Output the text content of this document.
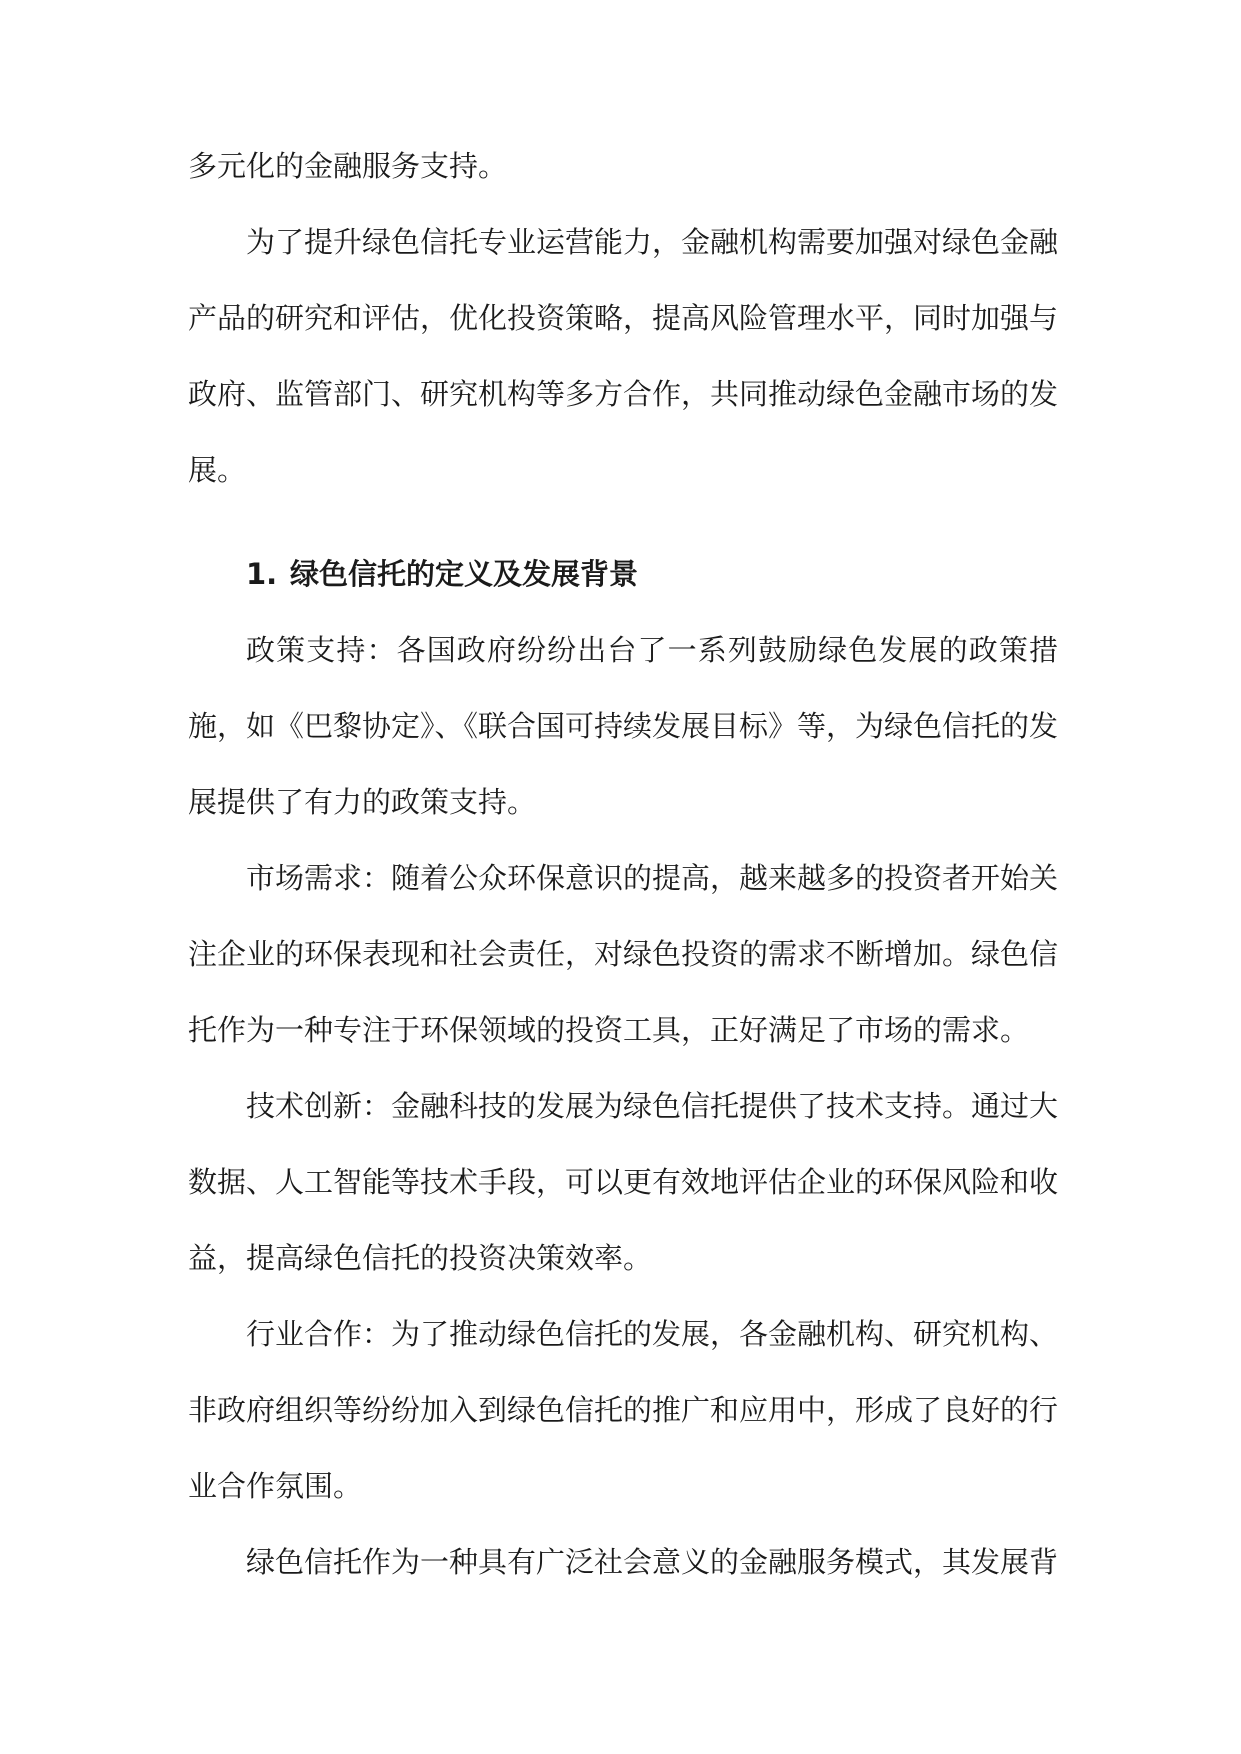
多元化的金融服务支持。

为了提升绿色信托专业运营能力，金融机构需要加强对绿色金融产品的研究和评估，优化投资策略，提高风险管理水平，同时加强与政府、监管部门、研究机构等多方合作，共同推动绿色金融市场的发展。

1. 绿色信托的定义及发展背景

政策支持：各国政府纷纷出台了一系列鼓励绿色发展的政策措施，如《巴黎协定》、《联合国可持续发展目标》等，为绿色信托的发展提供了有力的政策支持。

市场需求：随着公众环保意识的提高，越来越多的投资者开始关注企业的环保表现和社会责任，对绿色投资的需求不断增加。绿色信托作为一种专注于环保领域的投资工具，正好满足了市场的需求。

技术创新：金融科技的发展为绿色信托提供了技术支持。通过大数据、人工智能等技术手段，可以更有效地评估企业的环保风险和收益，提高绿色信托的投资决策效率。

行业合作：为了推动绿色信托的发展，各金融机构、研究机构、非政府组织等纷纷加入到绿色信托的推广和应用中，形成了良好的行业合作氛围。

绿色信托作为一种具有广泛社会意义的金融服务模式，其发展背
